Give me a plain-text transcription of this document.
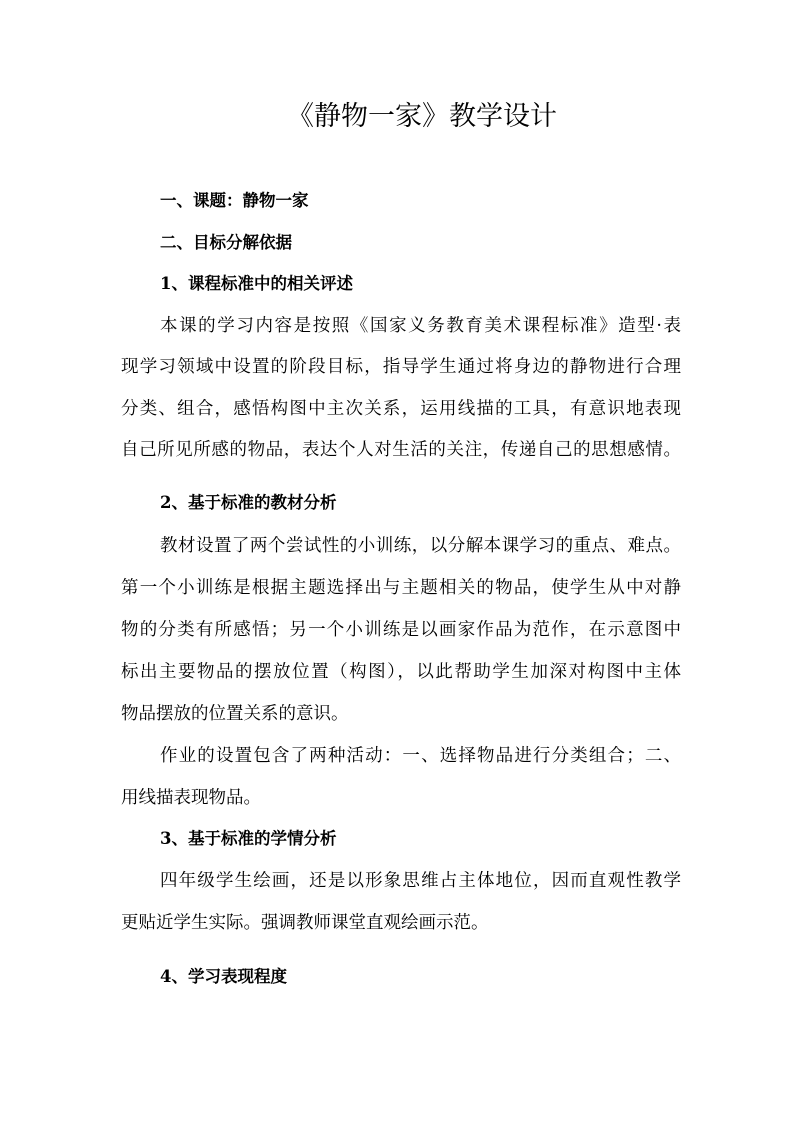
《静物一家》教学设计
一、课题：静物一家
二、目标分解依据
1、课程标准中的相关评述
本课的学习内容是按照《国家义务教育美术课程标准》造型·表
现学习领域中设置的阶段目标，指导学生通过将身边的静物进行合理
分类、组合，感悟构图中主次关系，运用线描的工具，有意识地表现
自己所见所感的物品，表达个人对生活的关注，传递自己的思想感情。
2、基于标准的教材分析
教材设置了两个尝试性的小训练，以分解本课学习的重点、难点。
第一个小训练是根据主题选择出与主题相关的物品，使学生从中对静
物的分类有所感悟；另一个小训练是以画家作品为范作，在示意图中
标出主要物品的摆放位置（构图），以此帮助学生加深对构图中主体
物品摆放的位置关系的意识。
作业的设置包含了两种活动：一、选择物品进行分类组合；二、
用线描表现物品。
3、基于标准的学情分析
四年级学生绘画，还是以形象思维占主体地位，因而直观性教学
更贴近学生实际。强调教师课堂直观绘画示范。
4、学习表现程度
